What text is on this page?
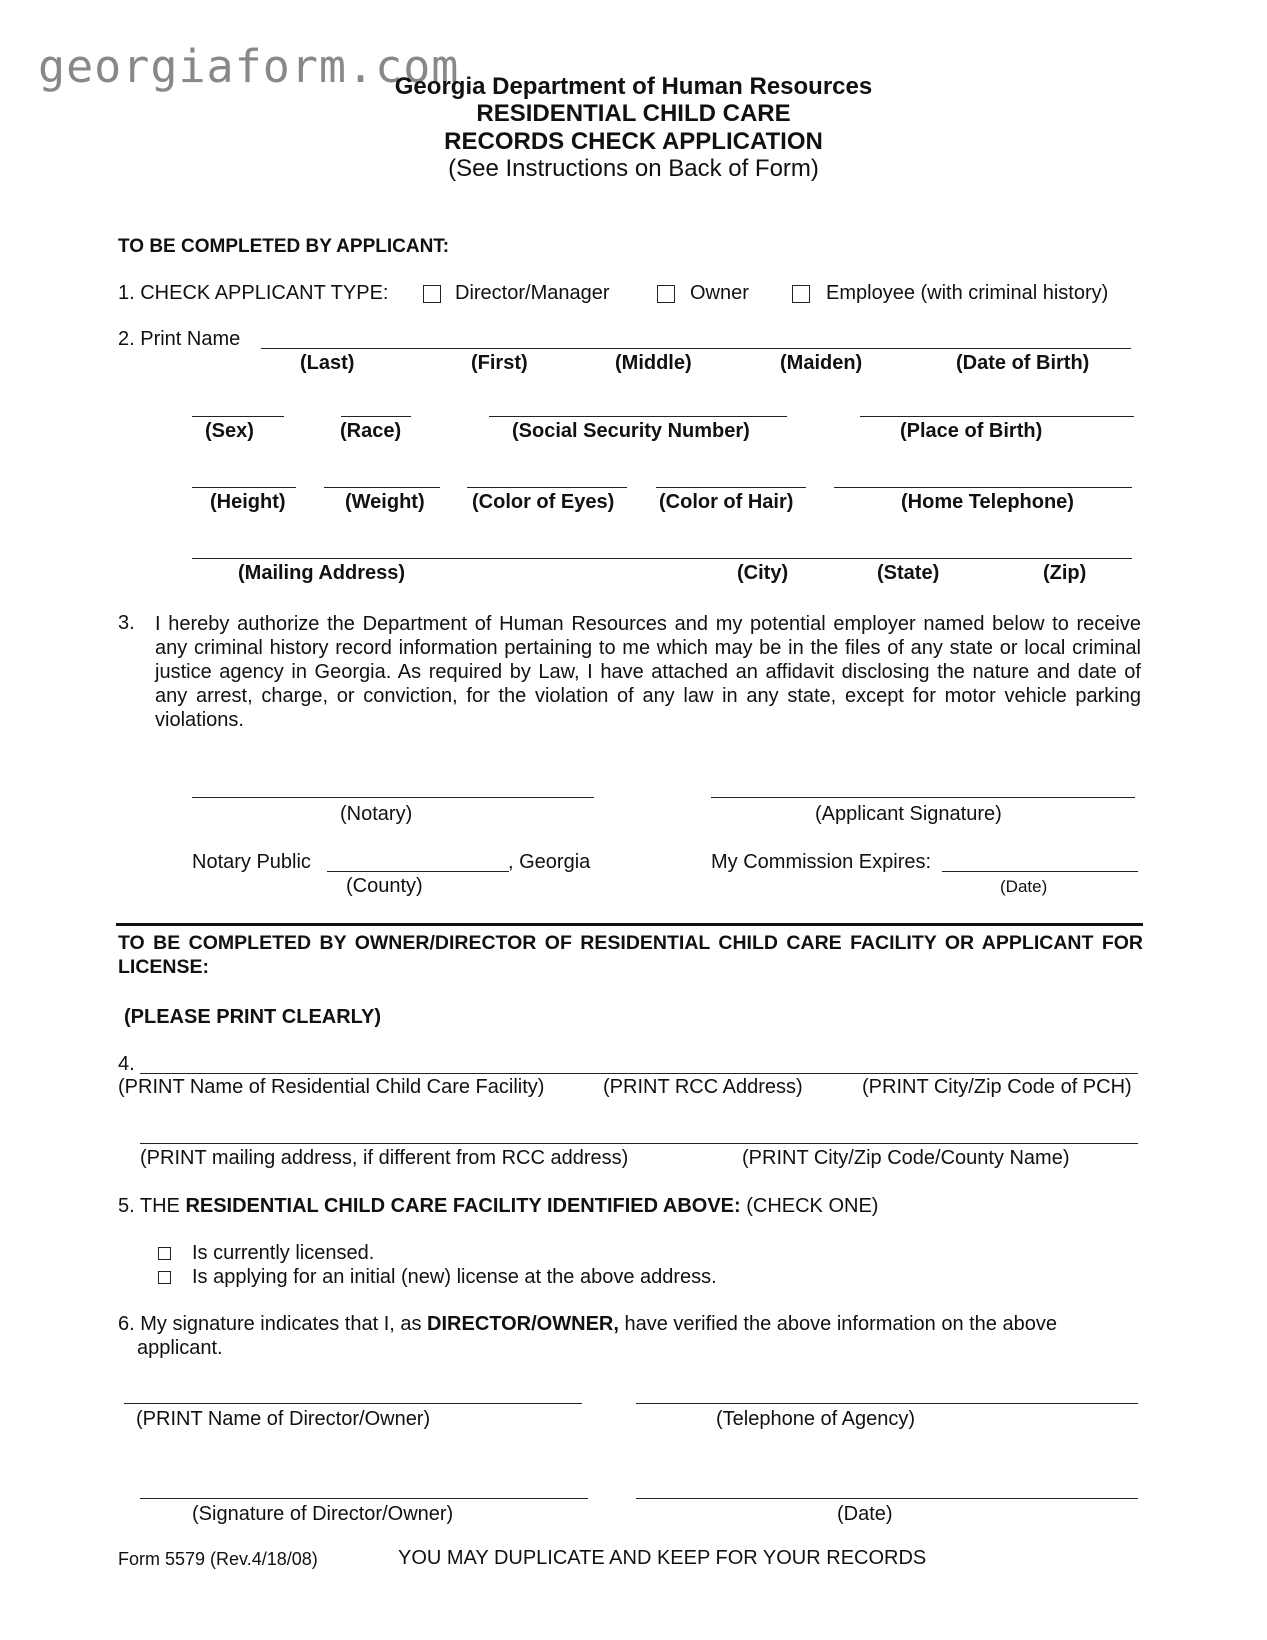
georgiaform.com
Georgia Department of Human Resources
RESIDENTIAL CHILD CARE
RECORDS CHECK APPLICATION
(See Instructions on Back of Form)
TO BE COMPLETED BY APPLICANT:
1. CHECK APPLICANT TYPE:	Director/Manager	Owner	Employee (with criminal history)
2. Print Name
(Last)	(First)	(Middle)	(Maiden)	(Date of Birth)
(Sex)	(Race)	(Social Security Number)	(Place of Birth)
(Height)	(Weight) (Color of Eyes) (Color of Hair)	(Home Telephone)
(Mailing Address)	(City)	(State)	(Zip)
3. I hereby authorize the Department of Human Resources and my potential employer named below to receive any criminal history record information pertaining to me which may be in the files of any state or local criminal justice agency in Georgia. As required by Law, I have attached an affidavit disclosing the nature and date of any arrest, charge, or conviction, for the violation of any law in any state, except for motor vehicle parking violations.
(Notary)	(Applicant Signature)
Notary Public	, Georgia
(County)
My Commission Expires:
(Date)
TO BE COMPLETED BY OWNER/DIRECTOR OF RESIDENTIAL CHILD CARE FACILITY OR APPLICANT FOR LICENSE:
(PLEASE PRINT CLEARLY)
4.
(PRINT Name of Residential Child Care Facility)	(PRINT RCC Address)	(PRINT City/Zip Code of PCH)
(PRINT mailing address, if different from RCC address)	(PRINT City/Zip Code/County Name)
5. THE RESIDENTIAL CHILD CARE FACILITY IDENTIFIED ABOVE: (CHECK ONE)
Is currently licensed.
Is applying for an initial (new) license at the above address.
6. My signature indicates that I, as DIRECTOR/OWNER, have verified the above information on the above
applicant.
(PRINT Name of Director/Owner)	(Telephone of Agency)
(Signature of Director/Owner)	(Date)
Form 5579 (Rev.4/18/08)	YOU MAY DUPLICATE AND KEEP FOR YOUR RECORDS
